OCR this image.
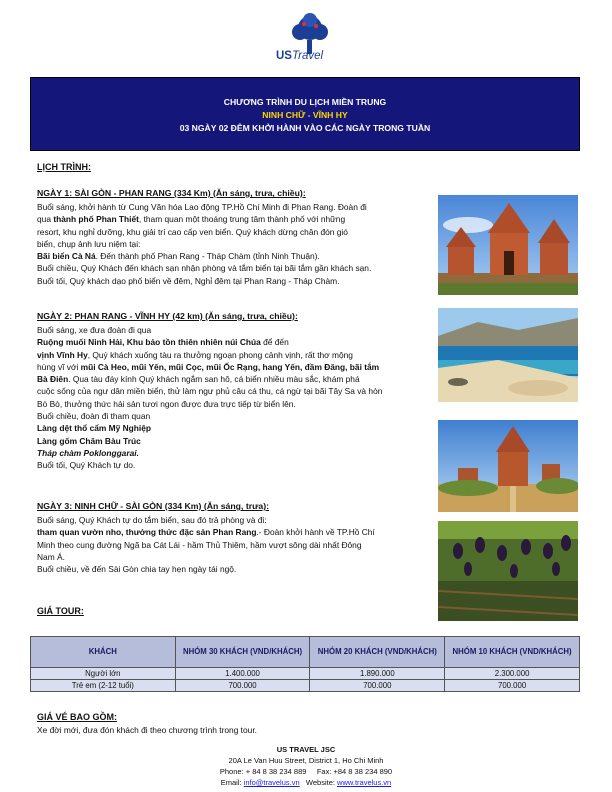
USTravel
CHƯƠNG TRÌNH DU LỊCH MIỀN TRUNG
NINH CHỮ - VĨNH HY
03 NGÀY 02 ĐÊM KHỞI HÀNH VÀO CÁC NGÀY TRONG TUẦN
LỊCH TRÌNH:
NGÀY 1: SÀI GÒN - PHAN RANG (334 Km) (Ăn sáng, trưa, chiều):
Buổi sáng, khởi hành từ Cung Văn hóa Lao động TP.Hồ Chí Minh đi Phan Rang. Đoàn đi
qua thành phố Phan Thiết, tham quan một thoáng trung tâm thành phố với những
resort, khu nghỉ dưỡng, khu giải trí cao cấp ven biển. Quý khách dừng chân đón gió
biển, chụp ảnh lưu niệm tại:
Bãi biển Cà Ná. Đến thành phố Phan Rang - Tháp Chàm (tỉnh Ninh Thuận).
Buổi chiều, Quý Khách đến khách sạn nhận phòng và tắm biển tại bãi tắm gần khách sạn.
Buổi tối, Quý khách dạo phố biển về đêm, Nghỉ đêm tại Phan Rang - Tháp Chàm.
NGÀY 2: PHAN RANG - VĨNH HY (42 km) (Ăn sáng, trưa, chiều):
Buổi sáng, xe đưa đoàn đi qua
Ruộng muối Ninh Hải, Khu bảo tồn thiên nhiên núi Chúa để đến
vịnh Vĩnh Hy, Quý khách xuống tàu ra thưởng ngoạn phong cảnh vịnh, rất thơ mộng
hùng vĩ với mũi Cà Heo, mũi Yến, mũi Cọc, mũi Ốc Rạng, hang Yến, đầm Đăng, bãi tắm
Bà Điên. Qua tàu đáy kính Quý khách ngắm san hô, cá biển nhiều màu sắc, khám phá
cuộc sống của ngư dân miền biển, thử làm ngư phủ câu cá thu, cá ngừ tại bãi Tây Sa và hòn
Bò Bò, thưởng thức hải sản tươi ngon được đưa trực tiếp từ biển lên.
Buổi chiều, đoàn đi tham quan
Làng dệt thổ cẩm Mỹ Nghiệp
Làng gốm Chăm Bàu Trúc
Tháp chàm Poklonggarai.
Buổi tối, Quý Khách tự do.
NGÀY 3: NINH CHỮ - SÀI GÒN (334 Km) (Ăn sáng, trưa):
Buổi sáng, Quý Khách tự do tắm biển, sau đó trả phòng và đi:
tham quan vườn nho, thưởng thức đặc sản Phan Rang.- Đoàn khởi hành về TP.Hồ Chí
Minh theo cung đường Ngã ba Cát Lái - hầm Thủ Thiêm, hầm vượt sông dài nhất Đông
Nam Á.
Buổi chiều, về đến Sài Gòn chia tay hẹn ngày tái ngộ.
GIÁ TOUR:
KHÁCH	NHÓM 30 KHÁCH (VND/KHÁCH)	NHÓM 20 KHÁCH (VND/KHÁCH)	NHÓM 10 KHÁCH (VND/KHÁCH)
Người lớn	1.400.000	1.890.000	2.300.000
Trẻ em (2-12 tuổi)	700.000	700.000	700.000
GIÁ VÉ BAO GỒM:
Xe đời mới, đưa đón khách đi theo chương trình trong tour.
US TRAVEL JSC
20A Le Van Huu Street, District 1, Ho Chi Minh
Phone: + 84 8 38 234 889     Fax: +84 8 38 234 890
Email: info@travelus.vn   Website: www.travelus.vn
